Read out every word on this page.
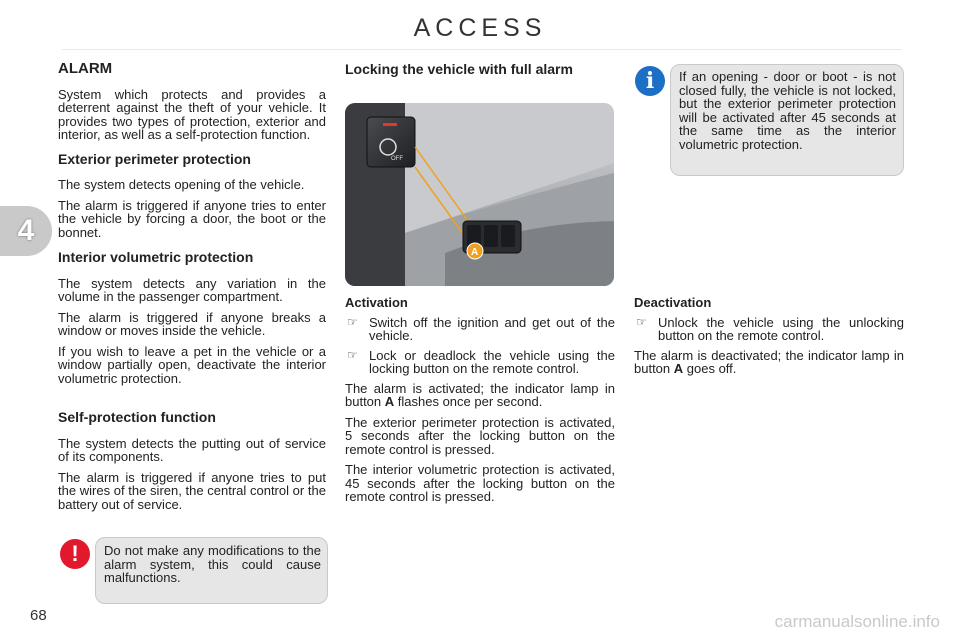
ACCESS
4
ALARM

System which protects and provides a deterrent against the theft of your vehicle. It provides two types of protection, exterior and interior, as well as a self-protection function.

Exterior perimeter protection

The system detects opening of the vehicle.

The alarm is triggered if anyone tries to enter the vehicle by forcing a door, the boot or the bonnet.

Interior volumetric protection

The system detects any variation in the volume in the passenger compartment.

The alarm is triggered if anyone breaks a window or moves inside the vehicle.

If you wish to leave a pet in the vehicle or a window partially open, deactivate the interior volumetric protection.

Self-protection function

The system detects the putting out of service of its components.

The alarm is triggered if anyone tries to put the wires of the siren, the central control or the battery out of service.

Do not make any modifications to the alarm system, this could cause malfunctions.
!
Locking the vehicle with full alarm
OFF
A
Activation
☞ Switch off the ignition and get out of the vehicle.
☞ Lock or deadlock the vehicle using the locking button on the remote control.

The alarm is activated; the indicator lamp in button A flashes once per second.

The exterior perimeter protection is activated, 5 seconds after the locking button on the remote control is pressed.

The interior volumetric protection is activated, 45 seconds after the locking button on the remote control is pressed.

If an opening - door or boot - is not closed fully, the vehicle is not locked, but the exterior perimeter protection will be activated after 45 seconds at the same time as the interior volumetric protection.
i
Deactivation
☞ Unlock the vehicle using the unlocking button on the remote control.

The alarm is deactivated; the indicator lamp in button A goes off.

68	carmanualsonline.info
